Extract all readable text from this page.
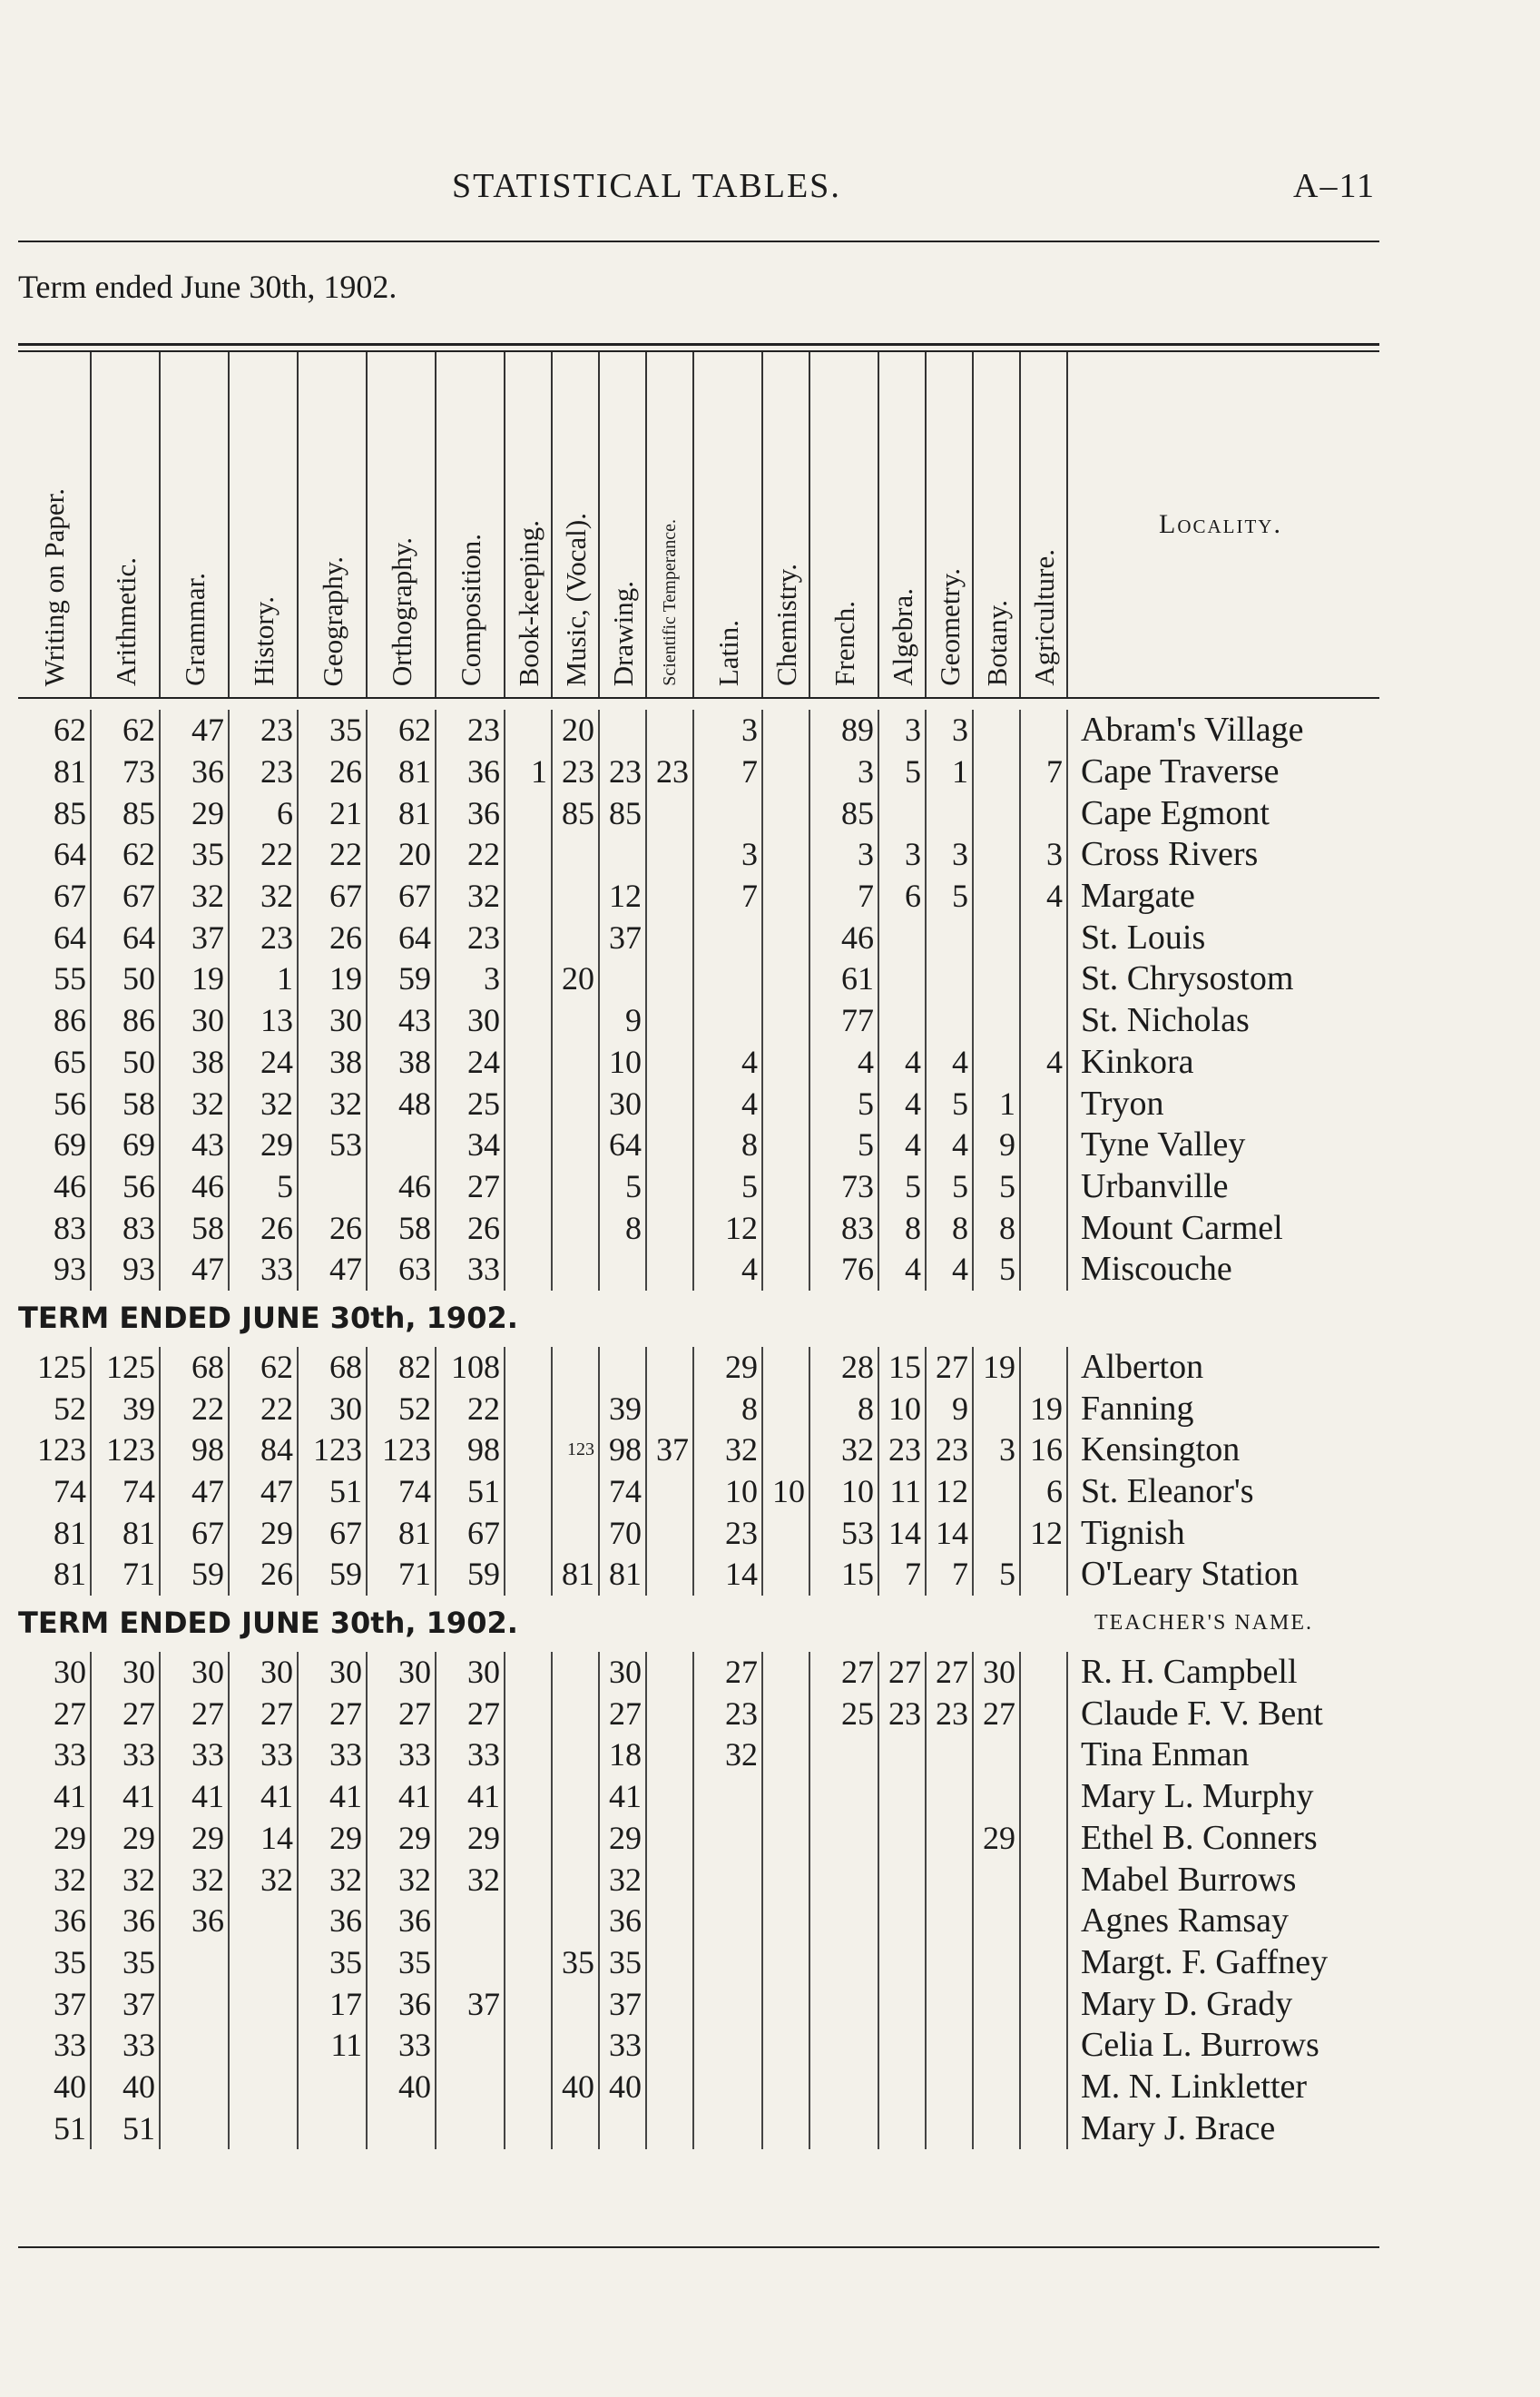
STATISTICAL TABLES.	A–11
Term ended June 30th, 1902.
Writing on Paper.	Arithmetic.	Grammar.	History.	Geography.	Orthography.	Composition.	Book-keeping.	Music, (Vocal).	Drawing.	Scientific Temperance.	Latin.	Chemistry.	French.	Algebra.	Geometry.	Botany.	Agriculture.	Locality.

62	62	47	23	35	62	23		20			3		89	3	3			Abram's Village
81	73	36	23	26	81	36	1	23	23	23	7		3	5	1		7	Cape Traverse
85	85	29	6	21	81	36		85	85				85					Cape Egmont
64	62	35	22	22	20	22					3		3	3	3		3	Cross Rivers
67	67	32	32	67	67	32			12		7		7	6	5		4	Margate
64	64	37	23	26	64	23			37				46					St. Louis
55	50	19	1	19	59	3		20					61					St. Chrysostom
86	86	30	13	30	43	30			9				77					St. Nicholas
65	50	38	24	38	38	24			10		4		4	4	4		4	Kinkora
56	58	32	32	32	48	25			30		4		5	4	5	1		Tryon
69	69	43	29	53		34			64		8		5	4	4	9		Tyne Valley
46	56	46	5		46	27			5		5		73	5	5	5		Urbanville
83	83	58	26	26	58	26			8		12		83	8	8	8		Mount Carmel
93	93	47	33	47	63	33					4		76	4	4	5		Miscouche
TERM ENDED JUNE 30th, 1902.																		
125	125	68	62	68	82	108					29		28	15	27	19		Alberton
52	39	22	22	30	52	22			39		8		8	10	9		19	Fanning
123	123	98	84	123	123	98		123	98	37	32		32	23	23	3	16	Kensington
74	74	47	47	51	74	51			74		10	10	10	11	12		6	St. Eleanor's
81	81	67	29	67	81	67			70		23		53	14	14		12	Tignish
81	71	59	26	59	71	59		81	81		14		15	7	7	5		O'Leary Station
TERM ENDED JUNE 30th, 1902.																		TEACHER'S NAME.
30	30	30	30	30	30	30			30		27		27	27	27	30		R. H. Campbell
27	27	27	27	27	27	27			27		23		25	23	23	27		Claude F. V. Bent
33	33	33	33	33	33	33			18		32							Tina Enman
41	41	41	41	41	41	41			41									Mary L. Murphy
29	29	29	14	29	29	29			29							29		Ethel B. Conners
32	32	32	32	32	32	32			32									Mabel Burrows
36	36	36		36	36				36									Agnes Ramsay
35	35			35	35			35	35									Margt. F. Gaffney
37	37			17	36	37			37									Mary D. Grady
33	33			11	33				33									Celia L. Burrows
40	40				40			40	40									M. N. Linkletter
51	51																	Mary J. Brace
